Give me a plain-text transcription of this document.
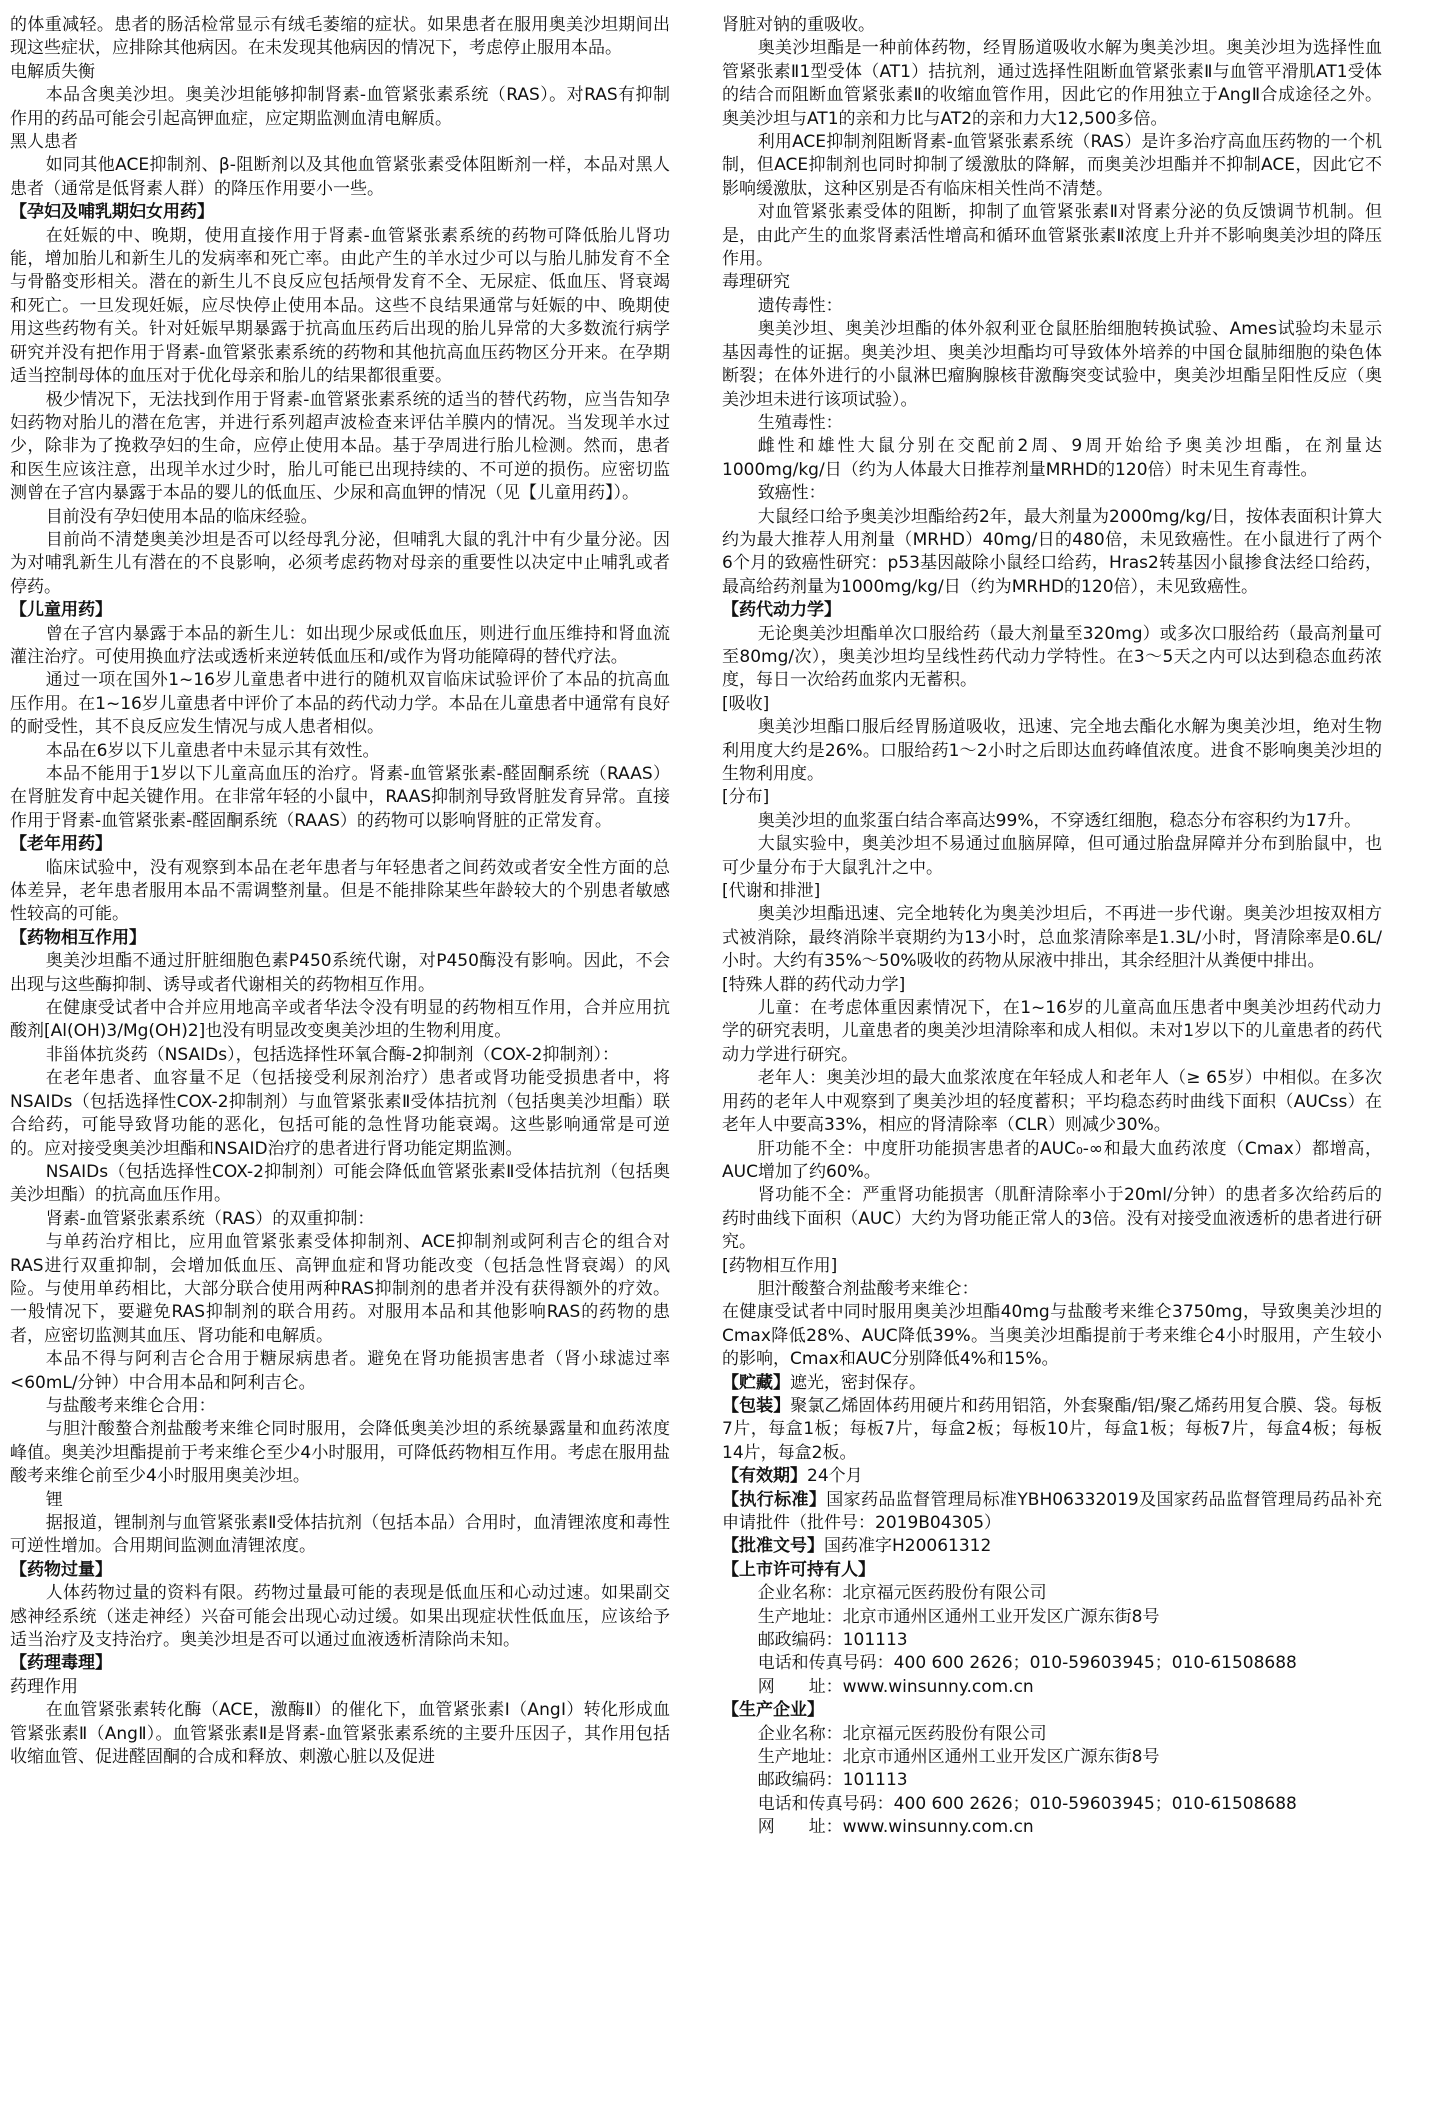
的体重减轻。患者的肠活检常显示有绒毛萎缩的症状。如果患者在服用奥美沙坦期间出现这些症状，应排除其他病因。在未发现其他病因的情况下，考虑停止服用本品。

电解质失衡

本品含奥美沙坦。奥美沙坦能够抑制肾素-血管紧张素系统（RAS）。对RAS有抑制作用的药品可能会引起高钾血症，应定期监测血清电解质。

黑人患者

如同其他ACE抑制剂、β-阻断剂以及其他血管紧张素受体阻断剂一样，本品对黑人患者（通常是低肾素人群）的降压作用要小一些。

【孕妇及哺乳期妇女用药】

在妊娠的中、晚期，使用直接作用于肾素-血管紧张素系统的药物可降低胎儿肾功能，增加胎儿和新生儿的发病率和死亡率。由此产生的羊水过少可以与胎儿肺发育不全与骨骼变形相关。潜在的新生儿不良反应包括颅骨发育不全、无尿症、低血压、肾衰竭和死亡。一旦发现妊娠，应尽快停止使用本品。这些不良结果通常与妊娠的中、晚期使用这些药物有关。针对妊娠早期暴露于抗高血压药后出现的胎儿异常的大多数流行病学研究并没有把作用于肾素-血管紧张素系统的药物和其他抗高血压药物区分开来。在孕期适当控制母体的血压对于优化母亲和胎儿的结果都很重要。

极少情况下，无法找到作用于肾素-血管紧张素系统的适当的替代药物，应当告知孕妇药物对胎儿的潜在危害，并进行系列超声波检查来评估羊膜内的情况。当发现羊水过少，除非为了挽救孕妇的生命，应停止使用本品。基于孕周进行胎儿检测。然而，患者和医生应该注意，出现羊水过少时，胎儿可能已出现持续的、不可逆的损伤。应密切监测曾在子宫内暴露于本品的婴儿的低血压、少尿和高血钾的情况（见【儿童用药】）。

目前没有孕妇使用本品的临床经验。

目前尚不清楚奥美沙坦是否可以经母乳分泌，但哺乳大鼠的乳汁中有少量分泌。因为对哺乳新生儿有潜在的不良影响，必须考虑药物对母亲的重要性以决定中止哺乳或者停药。

【儿童用药】

曾在子宫内暴露于本品的新生儿：如出现少尿或低血压，则进行血压维持和肾血流灌注治疗。可使用换血疗法或透析来逆转低血压和/或作为肾功能障碍的替代疗法。

通过一项在国外1~16岁儿童患者中进行的随机双盲临床试验评价了本品的抗高血压作用。在1~16岁儿童患者中评价了本品的药代动力学。本品在儿童患者中通常有良好的耐受性，其不良反应发生情况与成人患者相似。

本品在6岁以下儿童患者中未显示其有效性。

本品不能用于1岁以下儿童高血压的治疗。肾素-血管紧张素-醛固酮系统（RAAS）在肾脏发育中起关键作用。在非常年轻的小鼠中，RAAS抑制剂导致肾脏发育异常。直接作用于肾素-血管紧张素-醛固酮系统（RAAS）的药物可以影响肾脏的正常发育。

【老年用药】

临床试验中，没有观察到本品在老年患者与年轻患者之间药效或者安全性方面的总体差异，老年患者服用本品不需调整剂量。但是不能排除某些年龄较大的个别患者敏感性较高的可能。

【药物相互作用】

奥美沙坦酯不通过肝脏细胞色素P450系统代谢，对P450酶没有影响。因此，不会出现与这些酶抑制、诱导或者代谢相关的药物相互作用。

在健康受试者中合并应用地高辛或者华法令没有明显的药物相互作用，合并应用抗酸剂[Al(OH)3/Mg(OH)2]也没有明显改变奥美沙坦的生物利用度。

非甾体抗炎药（NSAIDs），包括选择性环氧合酶-2抑制剂（COX-2抑制剂）：

在老年患者、血容量不足（包括接受利尿剂治疗）患者或肾功能受损患者中，将NSAIDs（包括选择性COX-2抑制剂）与血管紧张素Ⅱ受体拮抗剂（包括奥美沙坦酯）联合给药，可能导致肾功能的恶化，包括可能的急性肾功能衰竭。这些影响通常是可逆的。应对接受奥美沙坦酯和NSAID治疗的患者进行肾功能定期监测。

NSAIDs（包括选择性COX-2抑制剂）可能会降低血管紧张素Ⅱ受体拮抗剂（包括奥美沙坦酯）的抗高血压作用。

肾素-血管紧张素系统（RAS）的双重抑制：

与单药治疗相比，应用血管紧张素受体抑制剂、ACE抑制剂或阿利吉仑的组合对RAS进行双重抑制，会增加低血压、高钾血症和肾功能改变（包括急性肾衰竭）的风险。与使用单药相比，大部分联合使用两种RAS抑制剂的患者并没有获得额外的疗效。一般情况下，要避免RAS抑制剂的联合用药。对服用本品和其他影响RAS的药物的患者，应密切监测其血压、肾功能和电解质。

本品不得与阿利吉仑合用于糖尿病患者。避免在肾功能损害患者（肾小球滤过率<60mL/分钟）中合用本品和阿利吉仑。

与盐酸考来维仑合用：

与胆汁酸螯合剂盐酸考来维仑同时服用，会降低奥美沙坦的系统暴露量和血药浓度峰值。奥美沙坦酯提前于考来维仑至少4小时服用，可降低药物相互作用。考虑在服用盐酸考来维仑前至少4小时服用奥美沙坦。

锂

据报道，锂制剂与血管紧张素Ⅱ受体拮抗剂（包括本品）合用时，血清锂浓度和毒性可逆性增加。合用期间监测血清锂浓度。

【药物过量】

人体药物过量的资料有限。药物过量最可能的表现是低血压和心动过速。如果副交感神经系统（迷走神经）兴奋可能会出现心动过缓。如果出现症状性低血压，应该给予适当治疗及支持治疗。奥美沙坦是否可以通过血液透析清除尚未知。

【药理毒理】

药理作用

在血管紧张素转化酶（ACE，激酶Ⅱ）的催化下，血管紧张素Ⅰ（AngⅠ）转化形成血管紧张素Ⅱ（AngⅡ）。血管紧张素Ⅱ是肾素-血管紧张素系统的主要升压因子，其作用包括收缩血管、促进醛固酮的合成和释放、刺激心脏以及促进

肾脏对钠的重吸收。

奥美沙坦酯是一种前体药物，经胃肠道吸收水解为奥美沙坦。奥美沙坦为选择性血管紧张素Ⅱ1型受体（AT1）拮抗剂，通过选择性阻断血管紧张素Ⅱ与血管平滑肌AT1受体的结合而阻断血管紧张素Ⅱ的收缩血管作用，因此它的作用独立于AngⅡ合成途径之外。奥美沙坦与AT1的亲和力比与AT2的亲和力大12,500多倍。

利用ACE抑制剂阻断肾素-血管紧张素系统（RAS）是许多治疗高血压药物的一个机制，但ACE抑制剂也同时抑制了缓激肽的降解，而奥美沙坦酯并不抑制ACE，因此它不影响缓激肽，这种区别是否有临床相关性尚不清楚。

对血管紧张素受体的阻断，抑制了血管紧张素Ⅱ对肾素分泌的负反馈调节机制。但是，由此产生的血浆肾素活性增高和循环血管紧张素Ⅱ浓度上升并不影响奥美沙坦的降压作用。

毒理研究

遗传毒性：

奥美沙坦、奥美沙坦酯的体外叙利亚仓鼠胚胎细胞转换试验、Ames试验均未显示基因毒性的证据。奥美沙坦、奥美沙坦酯均可导致体外培养的中国仓鼠肺细胞的染色体断裂；在体外进行的小鼠淋巴瘤胸腺核苷激酶突变试验中，奥美沙坦酯呈阳性反应（奥美沙坦未进行该项试验）。

生殖毒性：

雌性和雄性大鼠分别在交配前2周、9周开始给予奥美沙坦酯，在剂量达1000mg/kg/日（约为人体最大日推荐剂量MRHD的120倍）时未见生育毒性。

致癌性：

大鼠经口给予奥美沙坦酯给药2年，最大剂量为2000mg/kg/日，按体表面积计算大约为最大推荐人用剂量（MRHD）40mg/日的480倍，未见致癌性。在小鼠进行了两个6个月的致癌性研究：p53基因敲除小鼠经口给药，Hras2转基因小鼠掺食法经口给药，最高给药剂量为1000mg/kg/日（约为MRHD的120倍），未见致癌性。

【药代动力学】

无论奥美沙坦酯单次口服给药（最大剂量至320mg）或多次口服给药（最高剂量可至80mg/次），奥美沙坦均呈线性药代动力学特性。在3～5天之内可以达到稳态血药浓度，每日一次给药血浆内无蓄积。

[吸收]

奥美沙坦酯口服后经胃肠道吸收，迅速、完全地去酯化水解为奥美沙坦，绝对生物利用度大约是26%。口服给药1～2小时之后即达血药峰值浓度。进食不影响奥美沙坦的生物利用度。

[分布]

奥美沙坦的血浆蛋白结合率高达99%，不穿透红细胞，稳态分布容积约为17升。

大鼠实验中，奥美沙坦不易通过血脑屏障，但可通过胎盘屏障并分布到胎鼠中，也可少量分布于大鼠乳汁之中。

[代谢和排泄]

奥美沙坦酯迅速、完全地转化为奥美沙坦后，不再进一步代谢。奥美沙坦按双相方式被消除，最终消除半衰期约为13小时，总血浆清除率是1.3L/小时，肾清除率是0.6L/小时。大约有35%～50%吸收的药物从尿液中排出，其余经胆汁从粪便中排出。

[特殊人群的药代动力学]

儿童：在考虑体重因素情况下，在1~16岁的儿童高血压患者中奥美沙坦药代动力学的研究表明，儿童患者的奥美沙坦清除率和成人相似。未对1岁以下的儿童患者的药代动力学进行研究。

老年人：奥美沙坦的最大血浆浓度在年轻成人和老年人（≥ 65岁）中相似。在多次用药的老年人中观察到了奥美沙坦的轻度蓄积；平均稳态药时曲线下面积（AUCss）在老年人中要高33%，相应的肾清除率（CLR）则减少30%。

肝功能不全：中度肝功能损害患者的AUC₀-∞和最大血药浓度（Cmax）都增高，AUC增加了约60%。

肾功能不全：严重肾功能损害（肌酐清除率小于20ml/分钟）的患者多次给药后的药时曲线下面积（AUC）大约为肾功能正常人的3倍。没有对接受血液透析的患者进行研究。

[药物相互作用]

胆汁酸螯合剂盐酸考来维仑：

在健康受试者中同时服用奥美沙坦酯40mg与盐酸考来维仑3750mg，导致奥美沙坦的Cmax降低28%、AUC降低39%。当奥美沙坦酯提前于考来维仑4小时服用，产生较小的影响，Cmax和AUC分别降低4%和15%。

【贮藏】遮光，密封保存。

【包装】聚氯乙烯固体药用硬片和药用铝箔，外套聚酯/铝/聚乙烯药用复合膜、袋。每板7片，每盒1板；每板7片，每盒2板；每板10片，每盒1板；每板7片，每盒4板；每板14片，每盒2板。

【有效期】24个月

【执行标准】国家药品监督管理局标准YBH06332019及国家药品监督管理局药品补充申请批件（批件号：2019B04305）

【批准文号】国药准字H20061312

【上市许可持有人】

企业名称：北京福元医药股份有限公司

生产地址：北京市通州区通州工业开发区广源东街8号

邮政编码：101113

电话和传真号码：400 600 2626；010-59603945；010-61508688

网　　址：www.winsunny.com.cn

【生产企业】

企业名称：北京福元医药股份有限公司

生产地址：北京市通州区通州工业开发区广源东街8号

邮政编码：101113

电话和传真号码：400 600 2626；010-59603945；010-61508688

网　　址：www.winsunny.com.cn
